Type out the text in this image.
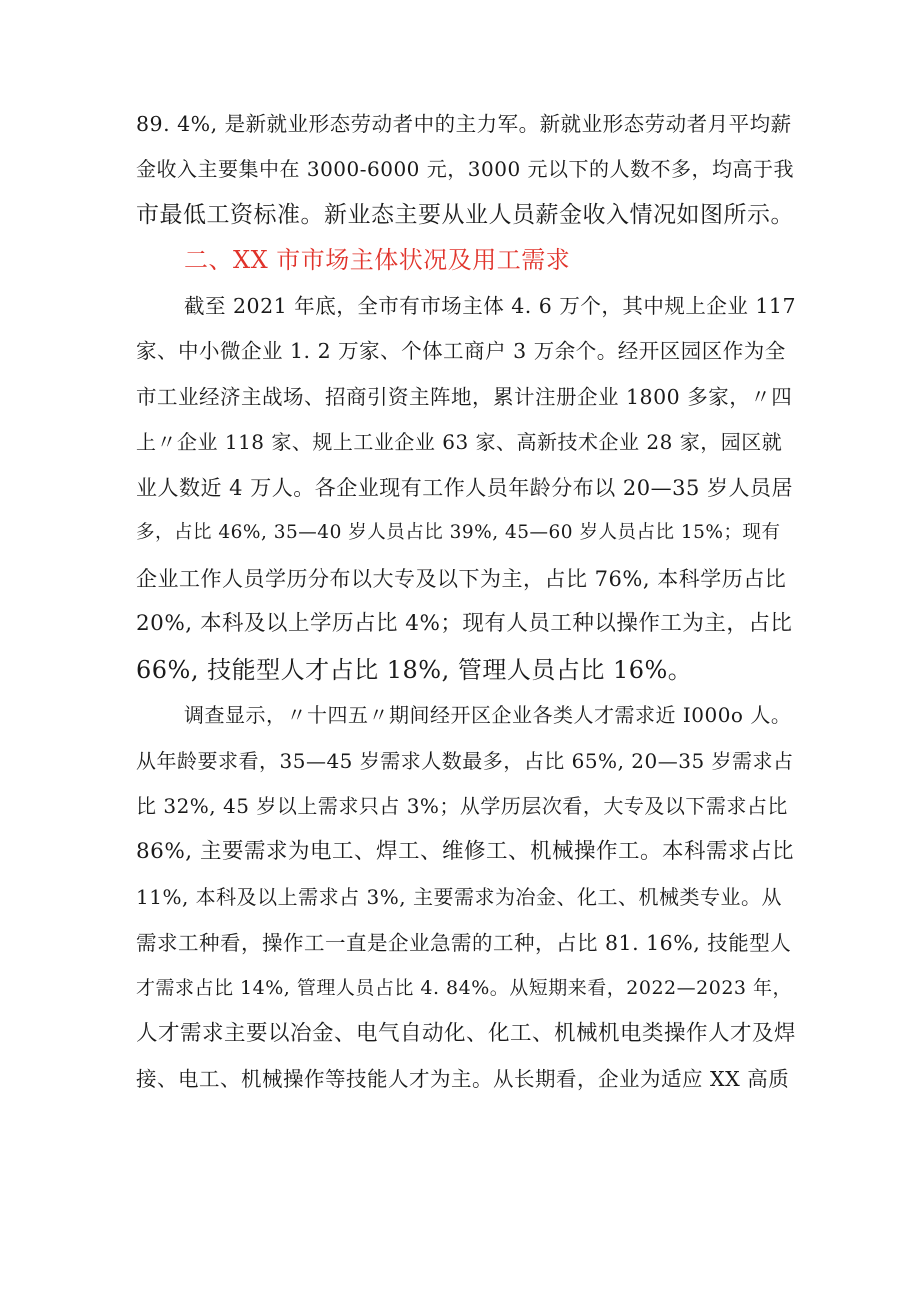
89. 4%, 是新就业形态劳动者中的主力军。新就业形态劳动者月平均薪
金收入主要集中在 3000-6000 元，3000 元以下的人数不多，均高于我
市最低工资标准。新业态主要从业人员薪金收入情况如图所示。
二、XX 市市场主体状况及用工需求
截至 2021 年底，全市有市场主体 4. 6 万个，其中规上企业 117
家、中小微企业 1. 2 万家、个体工商户 3 万余个。经开区园区作为全
市工业经济主战场、招商引资主阵地，累计注册企业 1800 多家，〃四
上〃企业 118 家、规上工业企业 63 家、高新技术企业 28 家，园区就
业人数近 4 万人。各企业现有工作人员年龄分布以 20—35 岁人员居
多，占比 46%, 35—40 岁人员占比 39%, 45—60 岁人员占比 15%；现有
企业工作人员学历分布以大专及以下为主，占比 76%, 本科学历占比
20%, 本科及以上学历占比 4%；现有人员工种以操作工为主，占比
66%, 技能型人才占比 18%, 管理人员占比 16%。
调查显示，〃十四五〃期间经开区企业各类人才需求近 I000o 人。
从年龄要求看，35—45 岁需求人数最多，占比 65%, 20—35 岁需求占
比 32%, 45 岁以上需求只占 3%；从学历层次看，大专及以下需求占比
86%, 主要需求为电工、焊工、维修工、机械操作工。本科需求占比
11%, 本科及以上需求占 3%, 主要需求为冶金、化工、机械类专业。从
需求工种看，操作工一直是企业急需的工种，占比 81. 16%, 技能型人
才需求占比 14%, 管理人员占比 4. 84%。从短期来看，2022—2023 年，
人才需求主要以冶金、电气自动化、化工、机械机电类操作人才及焊
接、电工、机械操作等技能人才为主。从长期看，企业为适应 XX 高质
